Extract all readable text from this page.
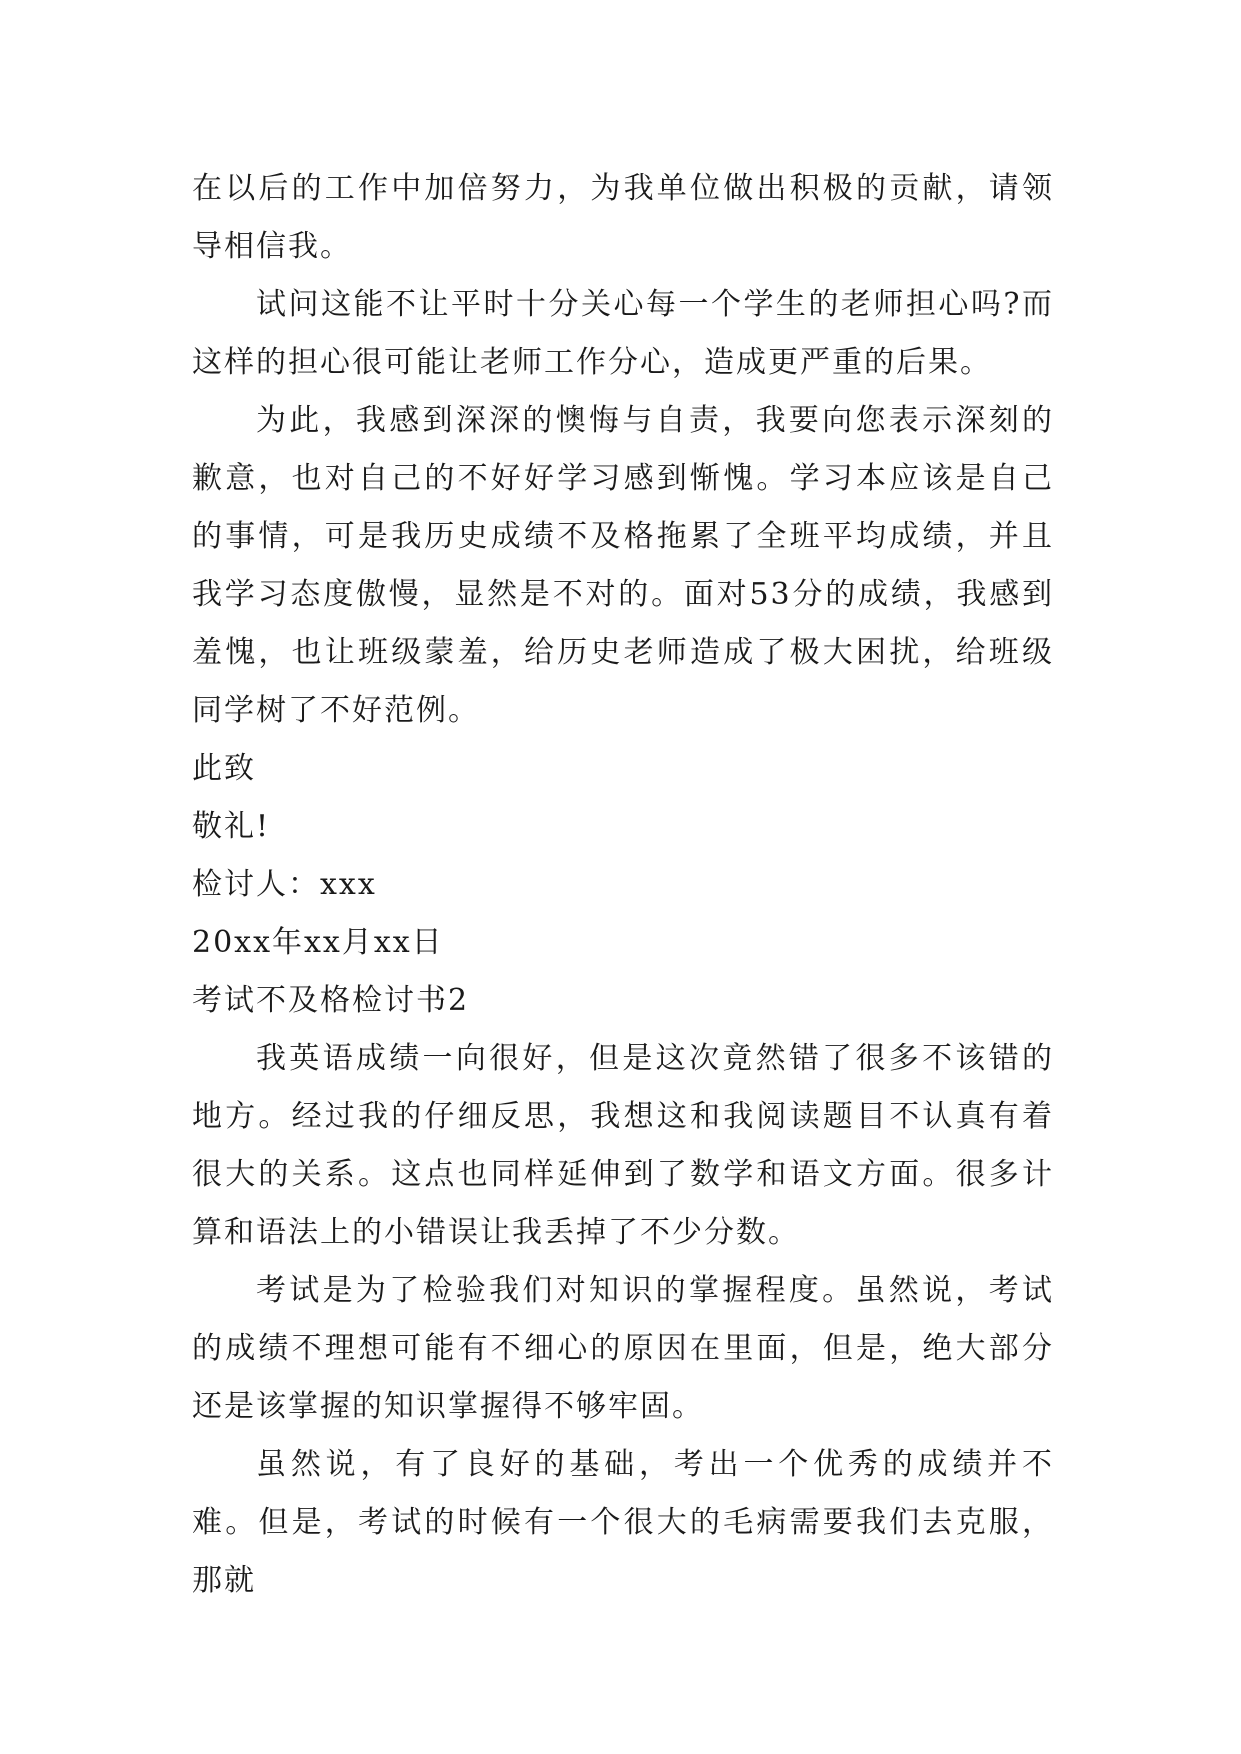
在以后的工作中加倍努力，为我单位做出积极的贡献，请领导相信我。

试问这能不让平时十分关心每一个学生的老师担心吗?而这样的担心很可能让老师工作分心，造成更严重的后果。

为此，我感到深深的懊悔与自责，我要向您表示深刻的歉意，也对自己的不好好学习感到惭愧。学习本应该是自己的事情，可是我历史成绩不及格拖累了全班平均成绩，并且我学习态度傲慢，显然是不对的。面对53分的成绩，我感到羞愧，也让班级蒙羞，给历史老师造成了极大困扰，给班级同学树了不好范例。

此致

敬礼!

检讨人：xxx

20xx年xx月xx日

考试不及格检讨书2

我英语成绩一向很好，但是这次竟然错了很多不该错的地方。经过我的仔细反思，我想这和我阅读题目不认真有着很大的关系。这点也同样延伸到了数学和语文方面。很多计算和语法上的小错误让我丢掉了不少分数。

考试是为了检验我们对知识的掌握程度。虽然说，考试的成绩不理想可能有不细心的原因在里面，但是，绝大部分还是该掌握的知识掌握得不够牢固。

虽然说，有了良好的基础，考出一个优秀的成绩并不难。但是，考试的时候有一个很大的毛病需要我们去克服，那就
